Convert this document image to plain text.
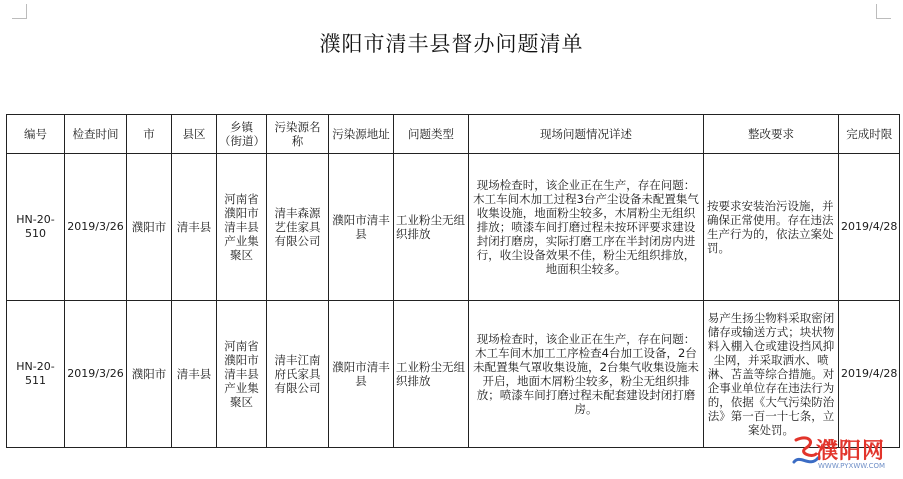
濮阳市清丰县督办问题清单
编号	检查时间	市	县区	乡镇（街道）	污染源名称	污染源地址	问题类型	现场问题情况详述	整改要求	完成时限
HN-20-510	2019/3/26	濮阳市	清丰县	河南省濮阳市清丰县产业集聚区	清丰森源艺佳家具有限公司	濮阳市清丰县	工业粉尘无组织排放	现场检查时，该企业正在生产，存在问题：木工车间木加工过程3台产尘设备未配置集气收集设施，地面粉尘较多，木屑粉尘无组织排放；喷漆车间打磨过程未按环评要求建设封闭打磨房，实际打磨工序在半封闭房内进行，收尘设备效果不佳，粉尘无组织排放，地面积尘较多。	按要求安装治污设施，并确保正常使用。存在违法生产行为的，依法立案处罚。	2019/4/28
HN-20-511	2019/3/26	濮阳市	清丰县	河南省濮阳市清丰县产业集聚区	清丰江南府氏家具有限公司	濮阳市清丰县	工业粉尘无组织排放	现场检查时，该企业正在生产，存在问题：木工车间木加工工序检查4台加工设备，2台未配置集气罩收集设施，2台集气收集设施未开启，地面木屑粉尘较多，粉尘无组织排放；喷漆车间打磨过程未配套建设封闭打磨房。	易产生扬尘物料采取密闭储存或输送方式；块状物料入棚入仓或建设挡风抑尘网，并采取洒水、喷淋、苫盖等综合措施。对企事业单位存在违法行为的，依据《大气污染防治法》第一百一十七条，立案处罚。	2019/4/28
濮阳网
WWW.PYXWW.COM
